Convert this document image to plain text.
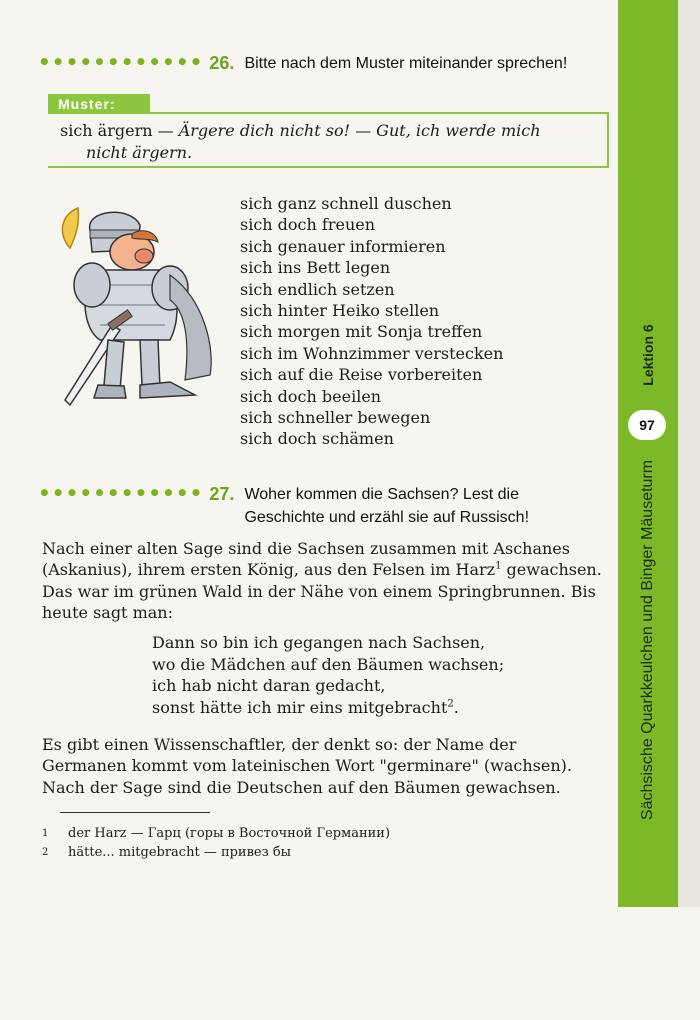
•••••••••••• 26. Bitte nach dem Muster miteinander sprechen!
Muster:
sich ärgern — Ärgere dich nicht so! — Gut, ich werde mich
nicht ärgern.
sich ganz schnell duschen
sich doch freuen
sich genauer informieren
sich ins Bett legen
sich endlich setzen
sich hinter Heiko stellen
sich morgen mit Sonja treffen
sich im Wohnzimmer verstecken
sich auf die Reise vorbereiten
sich doch beeilen
sich schneller bewegen
sich doch schämen
•••••••••••• 27. Woher kommen die Sachsen? Lest die
Geschichte und erzähl sie auf Russisch!
Nach einer alten Sage sind die Sachsen zusammen mit Aschanes (Askanius), ihrem ersten König, aus den Felsen im Harz$^1$ gewachsen. Das war im grünen Wald in der Nähe von einem Springbrunnen. Bis heute sagt man:
Dann so bin ich gegangen nach Sachsen,
wo die Mädchen auf den Bäumen wachsen;
ich hab nicht daran gedacht,
sonst hätte ich mir eins mitgebracht$^2$.
Es gibt einen Wissenschaftler, der denkt so: der Name der Germanen kommt vom lateinischen Wort "germinare" (wachsen). Nach der Sage sind die Deutschen auf den Bäumen gewachsen.
1	der Harz — Гарц (горы в Восточной Германии)
2	hätte... mitgebracht — привез бы
Lektion 6
97
Sächsische Quarkkeulchen und Binger Mäuseturm
